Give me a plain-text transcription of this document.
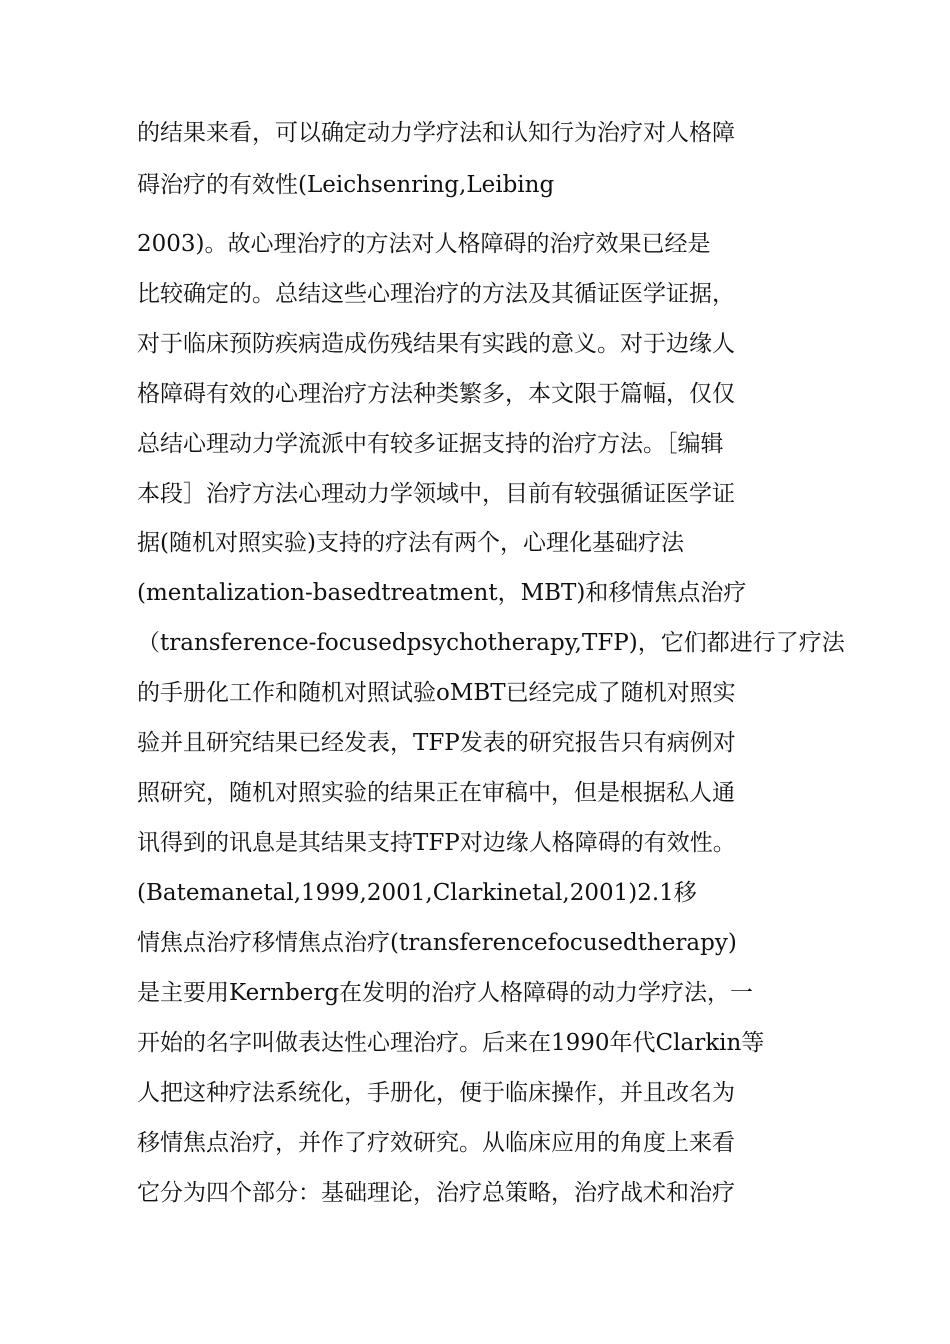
的结果来看，可以确定动力学疗法和认知行为治疗对人格障
碍治疗的有效性(Leichsenring,Leibing
2003)。故心理治疗的方法对人格障碍的治疗效果已经是
比较确定的。总结这些心理治疗的方法及其循证医学证据，
对于临床预防疾病造成伤残结果有实践的意义。对于边缘人
格障碍有效的心理治疗方法种类繁多，本文限于篇幅，仅仅
总结心理动力学流派中有较多证据支持的治疗方法。［编辑
本段］治疗方法心理动力学领域中，目前有较强循证医学证
据(随机对照实验)支持的疗法有两个，心理化基础疗法
(mentalization-basedtreatment，MBT)和移情焦点治疗
（transference-focusedpsychotherapy,TFP)，它们都进行了疗法
的手册化工作和随机对照试验oMBT已经完成了随机对照实
验并且研究结果已经发表，TFP发表的研究报告只有病例对
照研究，随机对照实验的结果正在审稿中，但是根据私人通
讯得到的讯息是其结果支持TFP对边缘人格障碍的有效性。
(Batemanetal,1999,2001,Clarkinetal,2001)2.1移
情焦点治疗移情焦点治疗(transferencefocusedtherapy)
是主要用Kernberg在发明的治疗人格障碍的动力学疗法，一
开始的名字叫做表达性心理治疗。后来在1990年代Clarkin等
人把这种疗法系统化，手册化，便于临床操作，并且改名为
移情焦点治疗，并作了疗效研究。从临床应用的角度上来看
它分为四个部分：基础理论，治疗总策略，治疗战术和治疗
